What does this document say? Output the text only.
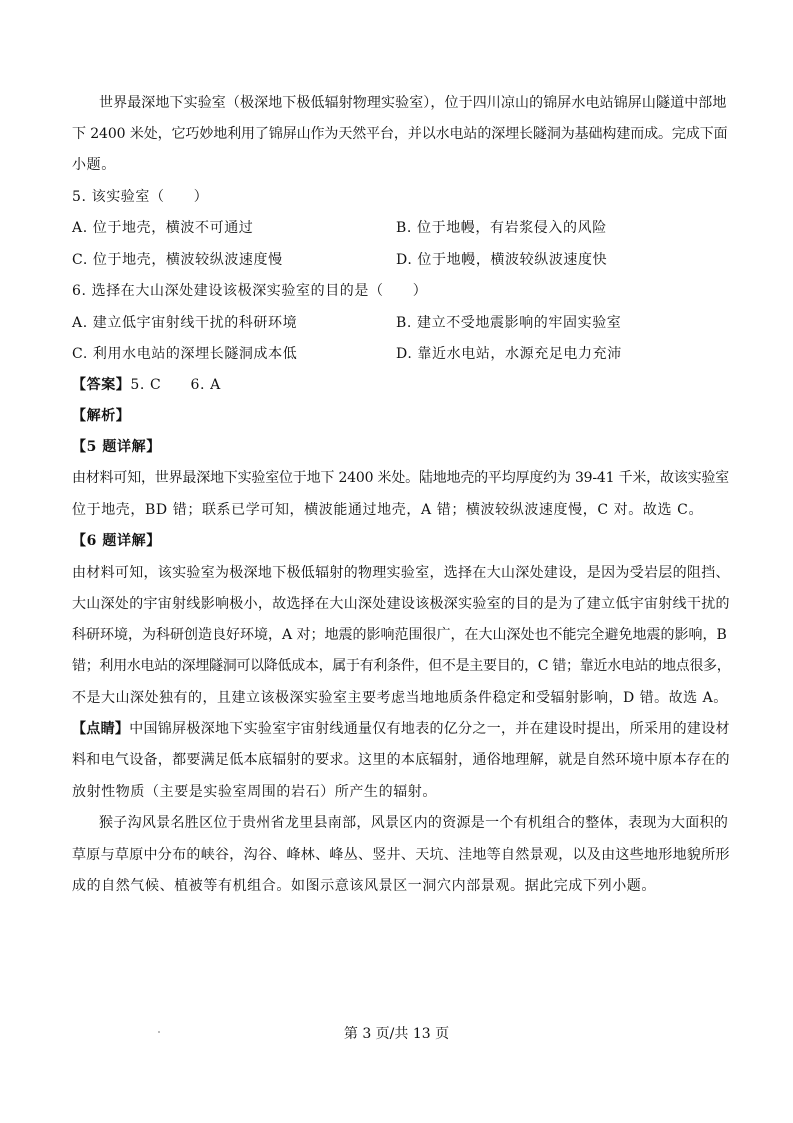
世界最深地下实验室（极深地下极低辐射物理实验室），位于四川凉山的锦屏水电站锦屏山隧道中部地
下 2400 米处，它巧妙地利用了锦屏山作为天然平台，并以水电站的深埋长隧洞为基础构建而成。完成下面
小题。
5. 该实验室（　　）
A. 位于地壳，横波不可通过	B. 位于地幔，有岩浆侵入的风险
C. 位于地壳，横波较纵波速度慢	D. 位于地幔，横波较纵波速度快
6. 选择在大山深处建设该极深实验室的目的是（　　）
A. 建立低宇宙射线干扰的科研环境	B. 建立不受地震影响的牢固实验室
C. 利用水电站的深埋长隧洞成本低	D. 靠近水电站，水源充足电力充沛
【答案】5. C　　6. A
【解析】
【5 题详解】
由材料可知，世界最深地下实验室位于地下 2400 米处。陆地地壳的平均厚度约为 39-41 千米，故该实验室
位于地壳，BD 错；联系已学可知，横波能通过地壳，A 错；横波较纵波速度慢，C 对。故选 C。
【6 题详解】
由材料可知，该实验室为极深地下极低辐射的物理实验室，选择在大山深处建设，是因为受岩层的阻挡、
大山深处的宇宙射线影响极小，故选择在大山深处建设该极深实验室的目的是为了建立低宇宙射线干扰的
科研环境，为科研创造良好环境，A 对；地震的影响范围很广，在大山深处也不能完全避免地震的影响，B
错；利用水电站的深埋隧洞可以降低成本，属于有利条件，但不是主要目的，C 错；靠近水电站的地点很多，
不是大山深处独有的，且建立该极深实验室主要考虑当地地质条件稳定和受辐射影响，D 错。故选 A。
【点睛】中国锦屏极深地下实验室宇宙射线通量仅有地表的亿分之一，并在建设时提出，所采用的建设材
料和电气设备，都要满足低本底辐射的要求。这里的本底辐射，通俗地理解，就是自然环境中原本存在的
放射性物质（主要是实验室周围的岩石）所产生的辐射。
猴子沟风景名胜区位于贵州省龙里县南部，风景区内的资源是一个有机组合的整体，表现为大面积的
草原与草原中分布的峡谷，沟谷、峰林、峰丛、竖井、天坑、洼地等自然景观，以及由这些地形地貌所形
成的自然气候、植被等有机组合。如图示意该风景区一洞穴内部景观。据此完成下列小题。
第 3 页/共 13 页
